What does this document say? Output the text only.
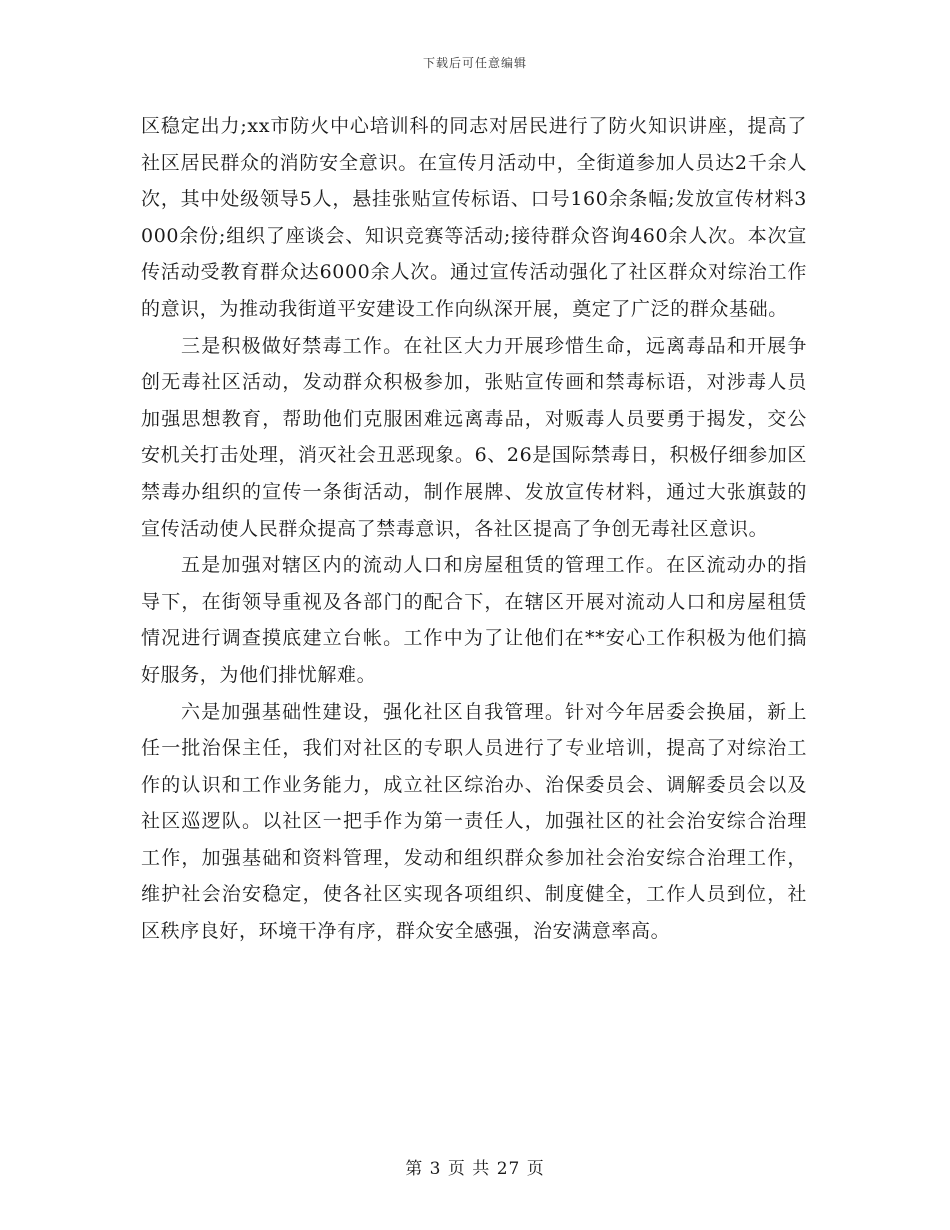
下载后可任意编辑

区稳定出力;xx市防火中心培训科的同志对居民进行了防火知识讲座，提高了社区居民群众的消防安全意识。在宣传月活动中，全街道参加人员达2千余人次，其中处级领导5人，悬挂张贴宣传标语、口号160余条幅;发放宣传材料3000余份;组织了座谈会、知识竞赛等活动;接待群众咨询460余人次。本次宣传活动受教育群众达6000余人次。通过宣传活动强化了社区群众对综治工作的意识，为推动我街道平安建设工作向纵深开展，奠定了广泛的群众基础。

三是积极做好禁毒工作。在社区大力开展珍惜生命，远离毒品和开展争创无毒社区活动，发动群众积极参加，张贴宣传画和禁毒标语，对涉毒人员加强思想教育，帮助他们克服困难远离毒品，对贩毒人员要勇于揭发，交公安机关打击处理，消灭社会丑恶现象。6、26是国际禁毒日，积极仔细参加区禁毒办组织的宣传一条街活动，制作展牌、发放宣传材料，通过大张旗鼓的宣传活动使人民群众提高了禁毒意识，各社区提高了争创无毒社区意识。

五是加强对辖区内的流动人口和房屋租赁的管理工作。在区流动办的指导下，在街领导重视及各部门的配合下，在辖区开展对流动人口和房屋租赁情况进行调查摸底建立台帐。工作中为了让他们在**安心工作积极为他们搞好服务，为他们排忧解难。

六是加强基础性建设，强化社区自我管理。针对今年居委会换届，新上任一批治保主任，我们对社区的专职人员进行了专业培训，提高了对综治工作的认识和工作业务能力，成立社区综治办、治保委员会、调解委员会以及社区巡逻队。以社区一把手作为第一责任人，加强社区的社会治安综合治理工作，加强基础和资料管理，发动和组织群众参加社会治安综合治理工作，维护社会治安稳定，使各社区实现各项组织、制度健全，工作人员到位，社区秩序良好，环境干净有序，群众安全感强，治安满意率高。

第 3 页 共 27 页
